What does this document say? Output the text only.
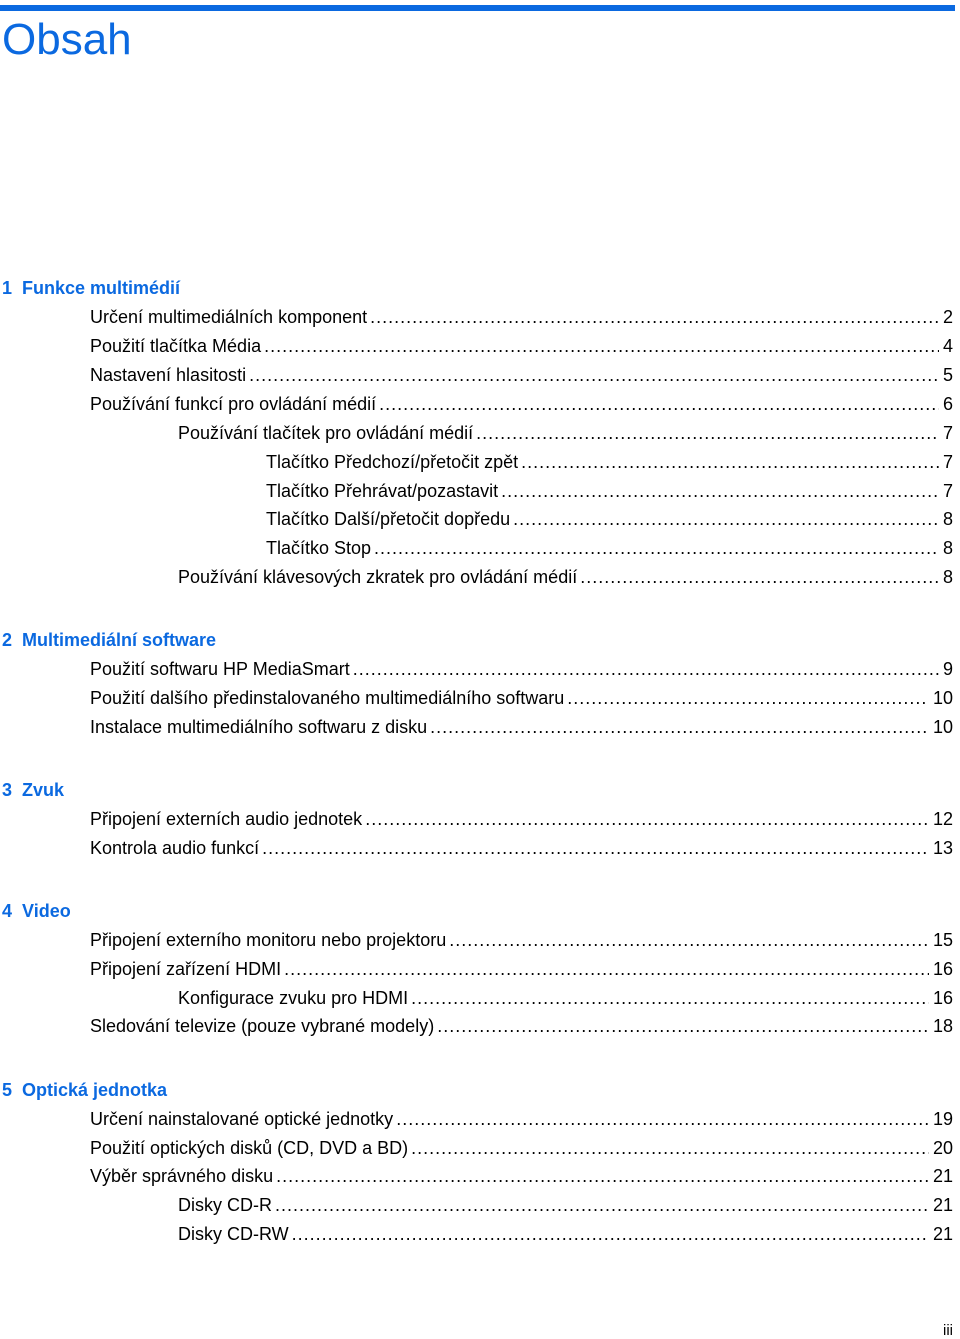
Obsah
1 Funkce multimédií
Určení multimediálních komponent .....	2
Použití tlačítka Média .....	4
Nastavení hlasitosti .....	5
Používání funkcí pro ovládání médií .....	6
Používání tlačítek pro ovládání médií .....	7
Tlačítko Předchozí/přetočit zpět .....	7
Tlačítko Přehrávat/pozastavit .....	7
Tlačítko Další/přetočit dopředu .....	8
Tlačítko Stop .....	8
Používání klávesových zkratek pro ovládání médií .....	8
2 Multimediální software
Použití softwaru HP MediaSmart .....	9
Použití dalšího předinstalovaného multimediálního softwaru .....	10
Instalace multimediálního softwaru z disku .....	10
3 Zvuk
Připojení externích audio jednotek .....	12
Kontrola audio funkcí .....	13
4 Video
Připojení externího monitoru nebo projektoru .....	15
Připojení zařízení HDMI .....	16
Konfigurace zvuku pro HDMI .....	16
Sledování televize (pouze vybrané modely) .....	18
5 Optická jednotka
Určení nainstalované optické jednotky .....	19
Použití optických disků (CD, DVD a BD) .....	20
Výběr správného disku .....	21
Disky CD-R .....	21
Disky CD-RW .....	21
iii
